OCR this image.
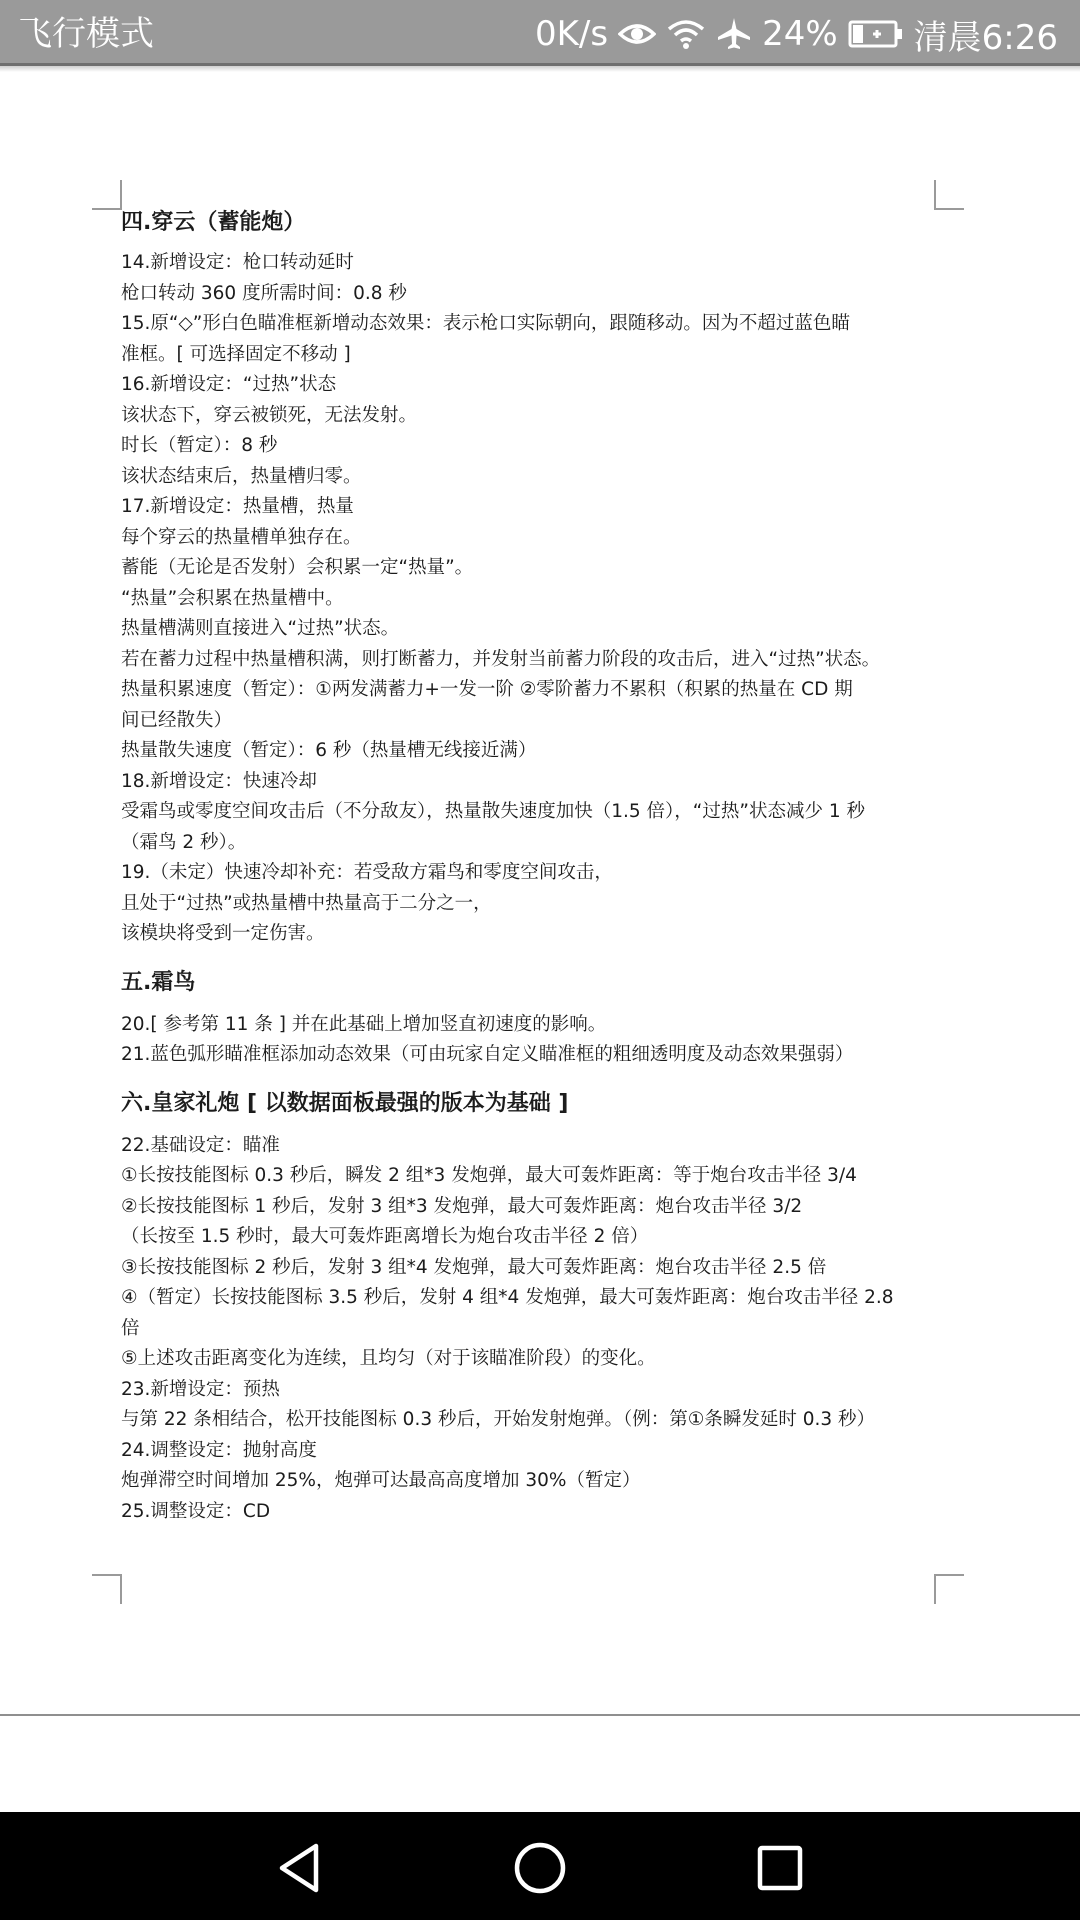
飞行模式	0K/s	24% 清晨6:26
四.穿云（蓄能炮）
14.新增设定：枪口转动延时
枪口转动 360 度所需时间：0.8 秒
15.原“◇”形白色瞄准框新增动态效果：表示枪口实际朝向，跟随移动。因为不超过蓝色瞄
准框。[ 可选择固定不移动 ]
16.新增设定：“过热”状态
该状态下，穿云被锁死，无法发射。
时长（暂定）：8 秒
该状态结束后，热量槽归零。
17.新增设定：热量槽，热量
每个穿云的热量槽单独存在。
蓄能（无论是否发射）会积累一定“热量”。
“热量”会积累在热量槽中。
热量槽满则直接进入“过热”状态。
若在蓄力过程中热量槽积满，则打断蓄力，并发射当前蓄力阶段的攻击后，进入“过热”状态。
热量积累速度（暂定）：①两发满蓄力+一发一阶 ②零阶蓄力不累积（积累的热量在 CD 期
间已经散失）
热量散失速度（暂定）：6 秒（热量槽无线接近满）
18.新增设定：快速冷却
受霜鸟或零度空间攻击后（不分敌友），热量散失速度加快（1.5 倍），“过热”状态减少 1 秒
（霜鸟 2 秒）。
19.（未定）快速冷却补充：若受敌方霜鸟和零度空间攻击，
且处于“过热”或热量槽中热量高于二分之一，
该模块将受到一定伤害。
五.霜鸟
20.[ 参考第 11 条 ] 并在此基础上增加竖直初速度的影响。
21.蓝色弧形瞄准框添加动态效果（可由玩家自定义瞄准框的粗细透明度及动态效果强弱）
六.皇家礼炮 [ 以数据面板最强的版本为基础 ]
22.基础设定：瞄准
①长按技能图标 0.3 秒后，瞬发 2 组*3 发炮弹，最大可轰炸距离：等于炮台攻击半径 3/4
②长按技能图标 1 秒后，发射 3 组*3 发炮弹，最大可轰炸距离：炮台攻击半径 3/2
（长按至 1.5 秒时，最大可轰炸距离增长为炮台攻击半径 2 倍）
③长按技能图标 2 秒后，发射 3 组*4 发炮弹，最大可轰炸距离：炮台攻击半径 2.5 倍
④（暂定）长按技能图标 3.5 秒后，发射 4 组*4 发炮弹，最大可轰炸距离：炮台攻击半径 2.8
倍
⑤上述攻击距离变化为连续，且均匀（对于该瞄准阶段）的变化。
23.新增设定：预热
与第 22 条相结合，松开技能图标 0.3 秒后，开始发射炮弹。（例：第①条瞬发延时 0.3 秒）
24.调整设定：抛射高度
炮弹滞空时间增加 25%，炮弹可达最高高度增加 30%（暂定）
25.调整设定：CD
